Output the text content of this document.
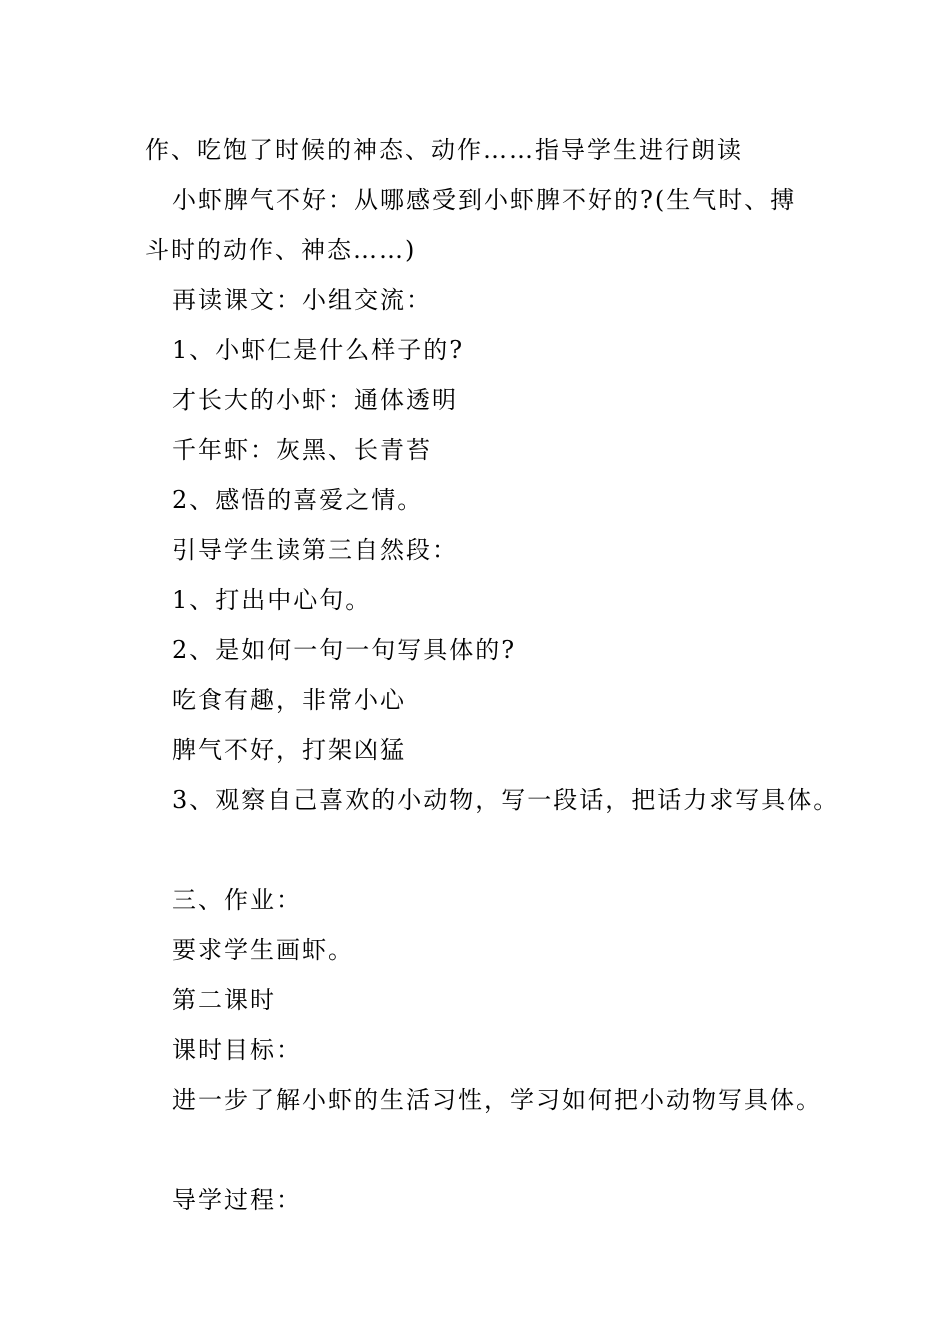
作、吃饱了时候的神态、动作……指导学生进行朗读
小虾脾气不好：从哪感受到小虾脾不好的?(生气时、搏
斗时的动作、神态……)
再读课文：小组交流：
1、小虾仁是什么样子的?
才长大的小虾：通体透明
千年虾：灰黑、长青苔
2、感悟的喜爱之情。
引导学生读第三自然段：
1、打出中心句。
2、是如何一句一句写具体的?
吃食有趣，非常小心
脾气不好，打架凶猛
3、观察自己喜欢的小动物，写一段话，把话力求写具体。
三、作业：
要求学生画虾。
第二课时
课时目标：
进一步了解小虾的生活习性，学习如何把小动物写具体。
导学过程：
